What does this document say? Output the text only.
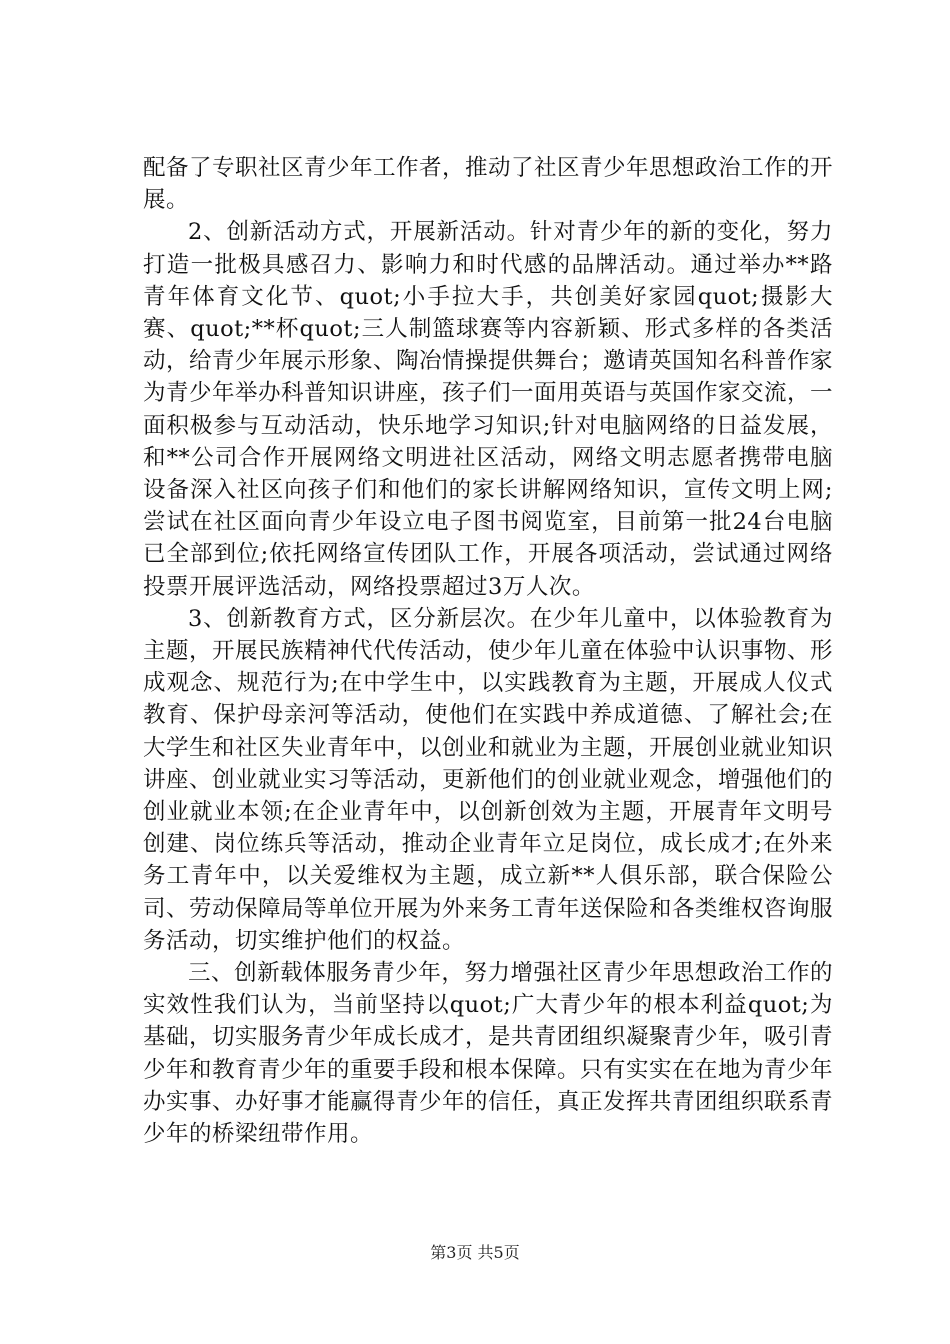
配备了专职社区青少年工作者，推动了社区青少年思想政治工作的开展。

2、创新活动方式，开展新活动。针对青少年的新的变化，努力打造一批极具感召力、影响力和时代感的品牌活动。通过举办**路青年体育文化节、quot;小手拉大手，共创美好家园quot;摄影大赛、quot;**杯quot;三人制篮球赛等内容新颖、形式多样的各类活动，给青少年展示形象、陶冶情操提供舞台；邀请英国知名科普作家为青少年举办科普知识讲座，孩子们一面用英语与英国作家交流，一面积极参与互动活动，快乐地学习知识;针对电脑网络的日益发展，和**公司合作开展网络文明进社区活动，网络文明志愿者携带电脑设备深入社区向孩子们和他们的家长讲解网络知识，宣传文明上网;尝试在社区面向青少年设立电子图书阅览室，目前第一批24台电脑已全部到位;依托网络宣传团队工作，开展各项活动，尝试通过网络投票开展评选活动，网络投票超过3万人次。

3、创新教育方式，区分新层次。在少年儿童中，以体验教育为主题，开展民族精神代代传活动，使少年儿童在体验中认识事物、形成观念、规范行为;在中学生中，以实践教育为主题，开展成人仪式教育、保护母亲河等活动，使他们在实践中养成道德、了解社会;在大学生和社区失业青年中，以创业和就业为主题，开展创业就业知识讲座、创业就业实习等活动，更新他们的创业就业观念，增强他们的创业就业本领;在企业青年中，以创新创效为主题，开展青年文明号创建、岗位练兵等活动，推动企业青年立足岗位，成长成才;在外来务工青年中，以关爱维权为主题，成立新**人俱乐部，联合保险公司、劳动保障局等单位开展为外来务工青年送保险和各类维权咨询服务活动，切实维护他们的权益。

三、创新载体服务青少年，努力增强社区青少年思想政治工作的实效性我们认为，当前坚持以quot;广大青少年的根本利益quot;为基础，切实服务青少年成长成才，是共青团组织凝聚青少年，吸引青少年和教育青少年的重要手段和根本保障。只有实实在在地为青少年办实事、办好事才能赢得青少年的信任，真正发挥共青团组织联系青少年的桥梁纽带作用。

第3页 共5页
